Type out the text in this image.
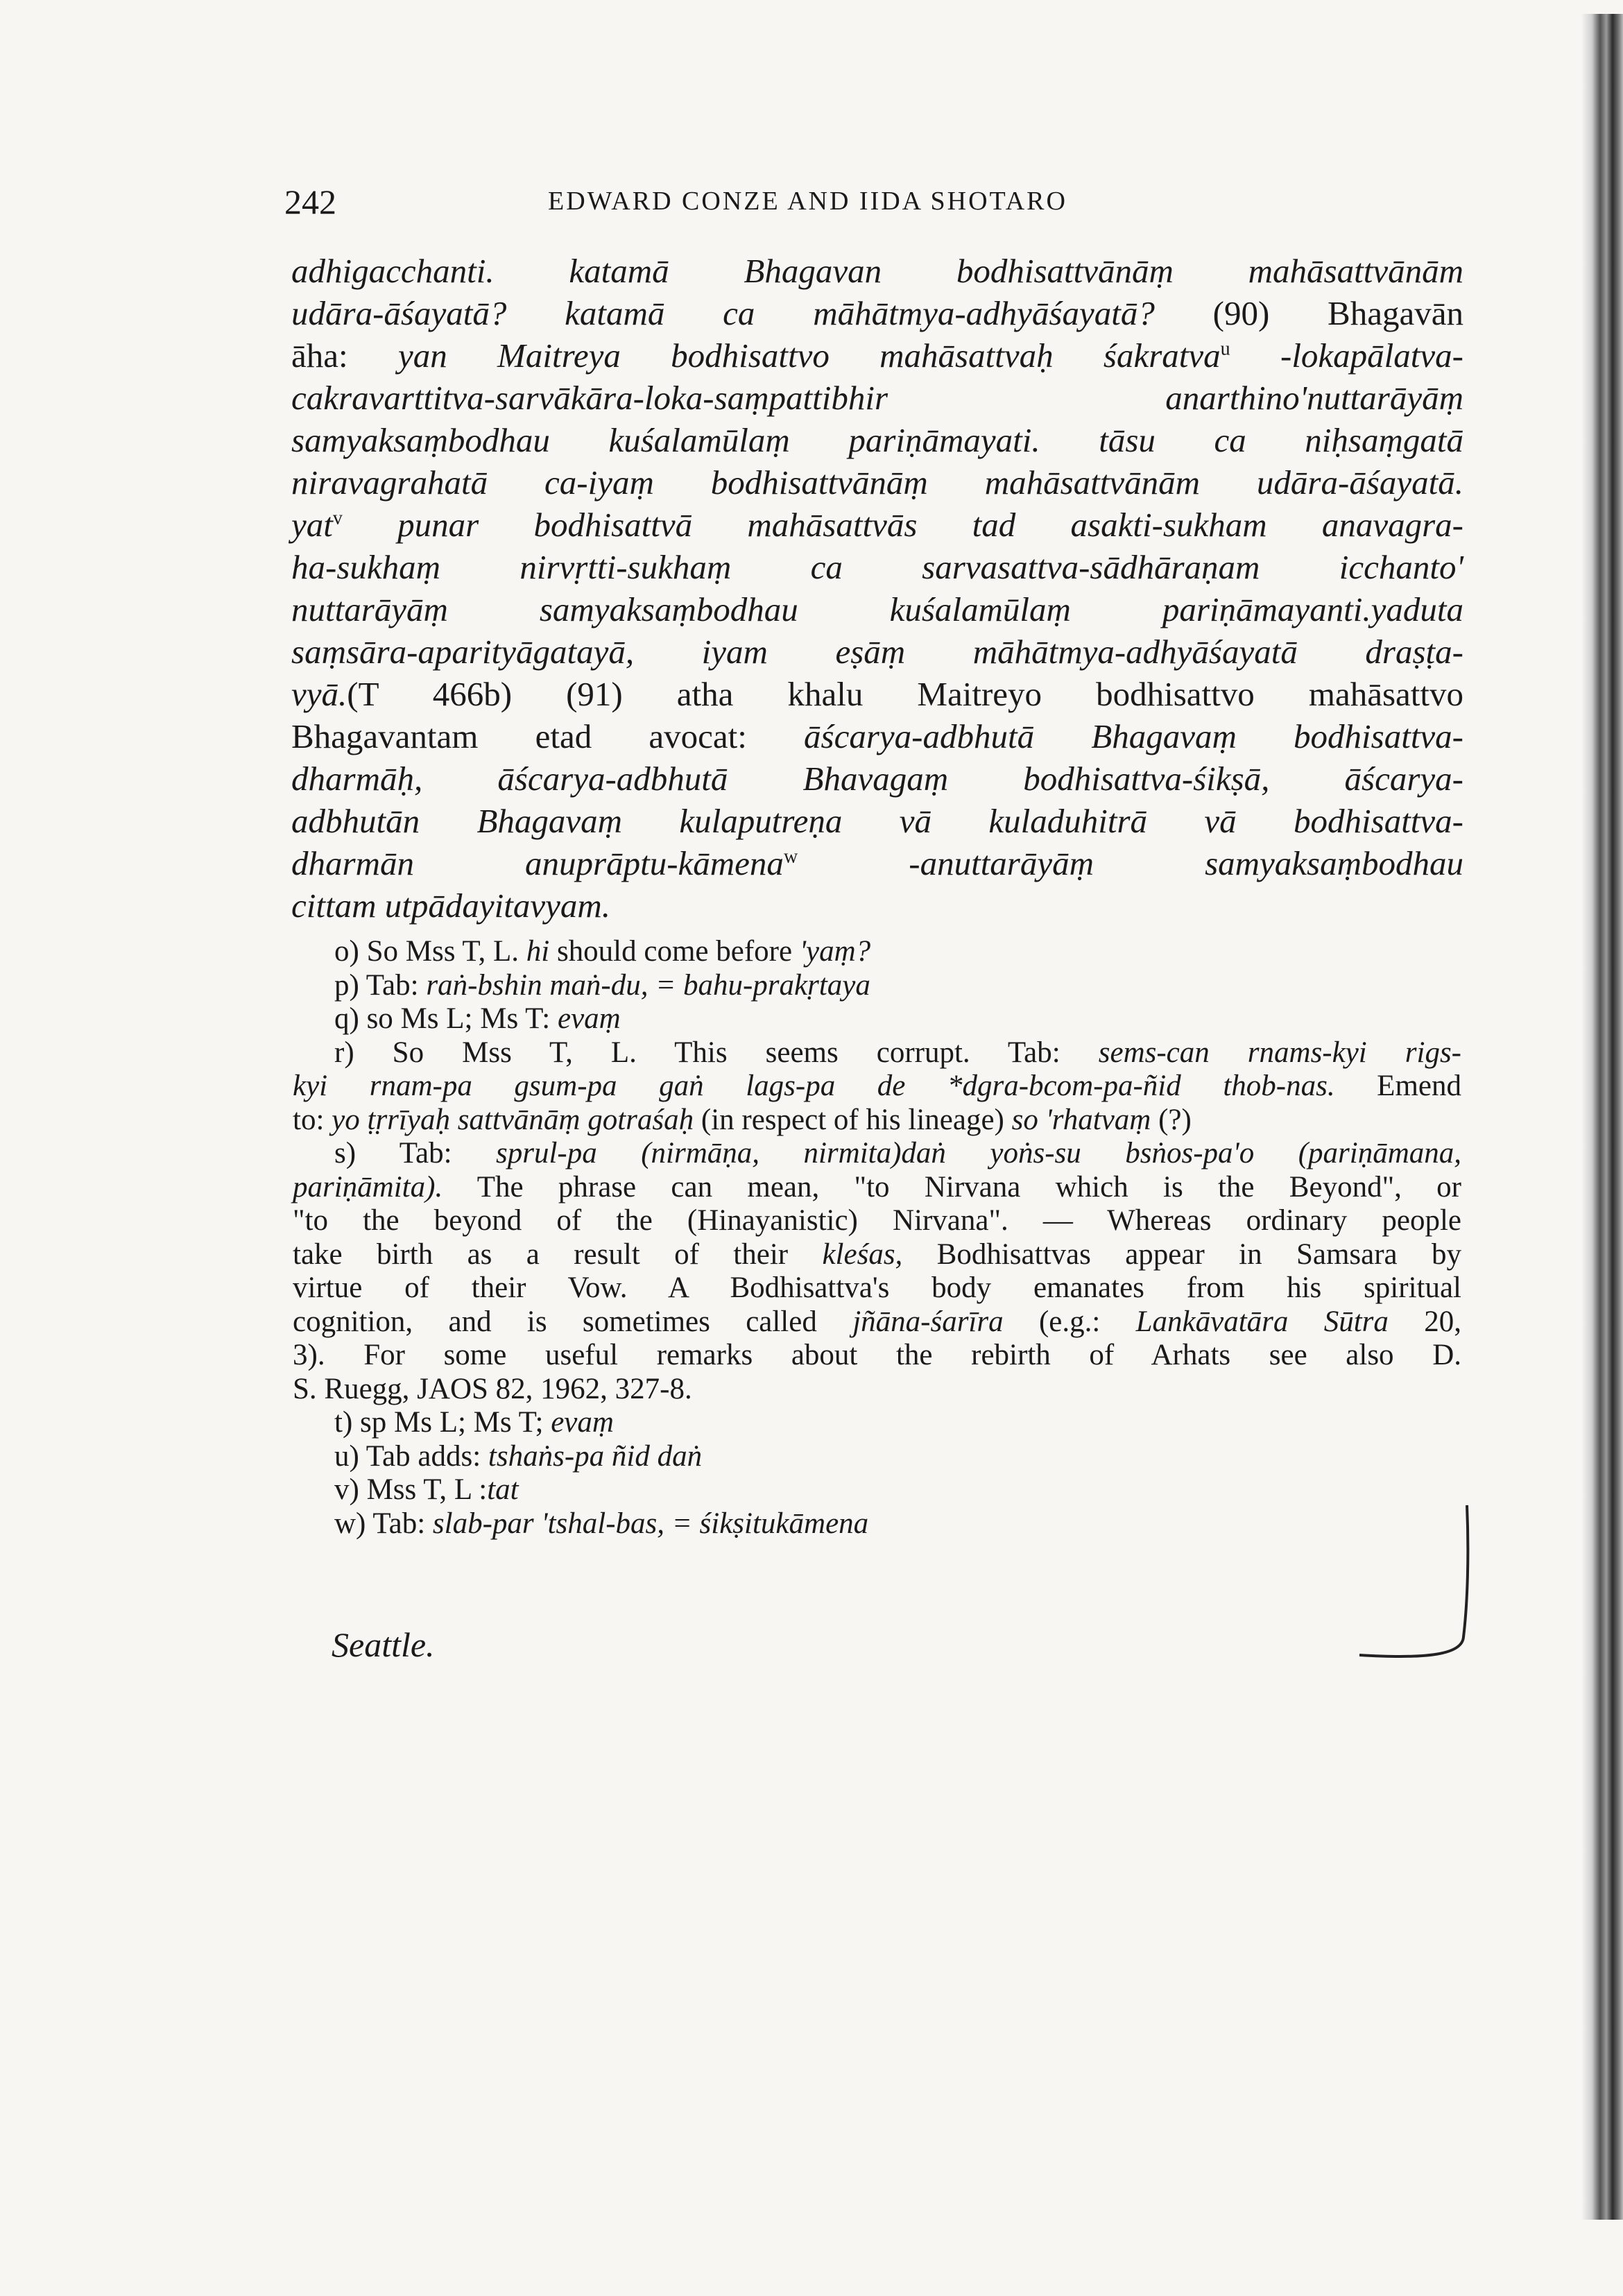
242	EDWARD CONZE AND IIDA SHOTARO
adhigacchanti. katamā Bhagavan bodhisattvānāṃ mahāsattvānām
udāra-āśayatā? katamā ca māhātmya-adhyāśayatā? (90) Bhagavān
āha: yan Maitreya bodhisattvo mahāsattvaḥ śakratva$^u$ -lokapālatva-
cakravarttitva-sarvākāra-loka-saṃpattibhir anarthino'nuttarāyāṃ
samyaksaṃbodhau kuśalamūlaṃ pariṇāmayati. tāsu ca niḥsaṃgatā
niravagrahatā ca-iyaṃ bodhisattvānāṃ mahāsattvānām udāra-āśayatā.
yat$^v$ punar bodhisattvā mahāsattvās tad asakti-sukham anavagra-
ha-sukhaṃ nirvṛtti-sukhaṃ ca sarvasattva-sādhāraṇam icchanto'
nuttarāyāṃ samyaksaṃbodhau kuśalamūlaṃ pariṇāmayanti.yaduta
saṃsāra-aparityāgatayā, iyam eṣāṃ māhātmya-adhyāśayatā draṣṭa-
vyā.(T 466b) (91) atha khalu Maitreyo bodhisattvo mahāsattvo
Bhagavantam etad avocat: āścarya-adbhutā Bhagavaṃ bodhisattva-
dharmāḥ, āścarya-adbhutā Bhavagaṃ bodhisattva-śikṣā, āścarya-
adbhutān Bhagavaṃ kulaputreṇa vā kuladuhitrā vā bodhisattva-
dharmān anuprāptu-kāmena$^w$ -anuttarāyāṃ samyaksaṃbodhau
cittam utpādayitavyam.
o) So Mss T, L. hi should come before 'yaṃ?
p) Tab: raṅ-bshin maṅ-du, = bahu-prakṛtaya
q) so Ms L; Ms T: evaṃ
r) So Mss T, L. This seems corrupt. Tab: sems-can rnams-kyi rigs-
kyi rnam-pa gsum-pa gaṅ lags-pa de *dgra-bcom-pa-ñid thob-nas. Emend
to: yo ṭṛrīyaḥ sattvānāṃ gotraśaḥ (in respect of his lineage) so 'rhatvaṃ (?)
s) Tab: sprul-pa (nirmāṇa, nirmita)daṅ yoṅs-su bsṅos-pa'o (pariṇāmana,
pariṇāmita). The phrase can mean, "to Nirvana which is the Beyond", or
"to the beyond of the (Hinayanistic) Nirvana". — Whereas ordinary people
take birth as a result of their kleśas, Bodhisattvas appear in Samsara by
virtue of their Vow. A Bodhisattva's body emanates from his spiritual
cognition, and is sometimes called jñāna-śarīra (e.g.: Lankāvatāra Sūtra 20,
3). For some useful remarks about the rebirth of Arhats see also D.
S. Ruegg, JAOS 82, 1962, 327-8.
t) sp Ms L; Ms T; evaṃ
u) Tab adds: tshaṅs-pa ñid daṅ
v) Mss T, L :tat
w) Tab: slab-par 'tshal-bas, = śikṣitukāmena
Seattle.
